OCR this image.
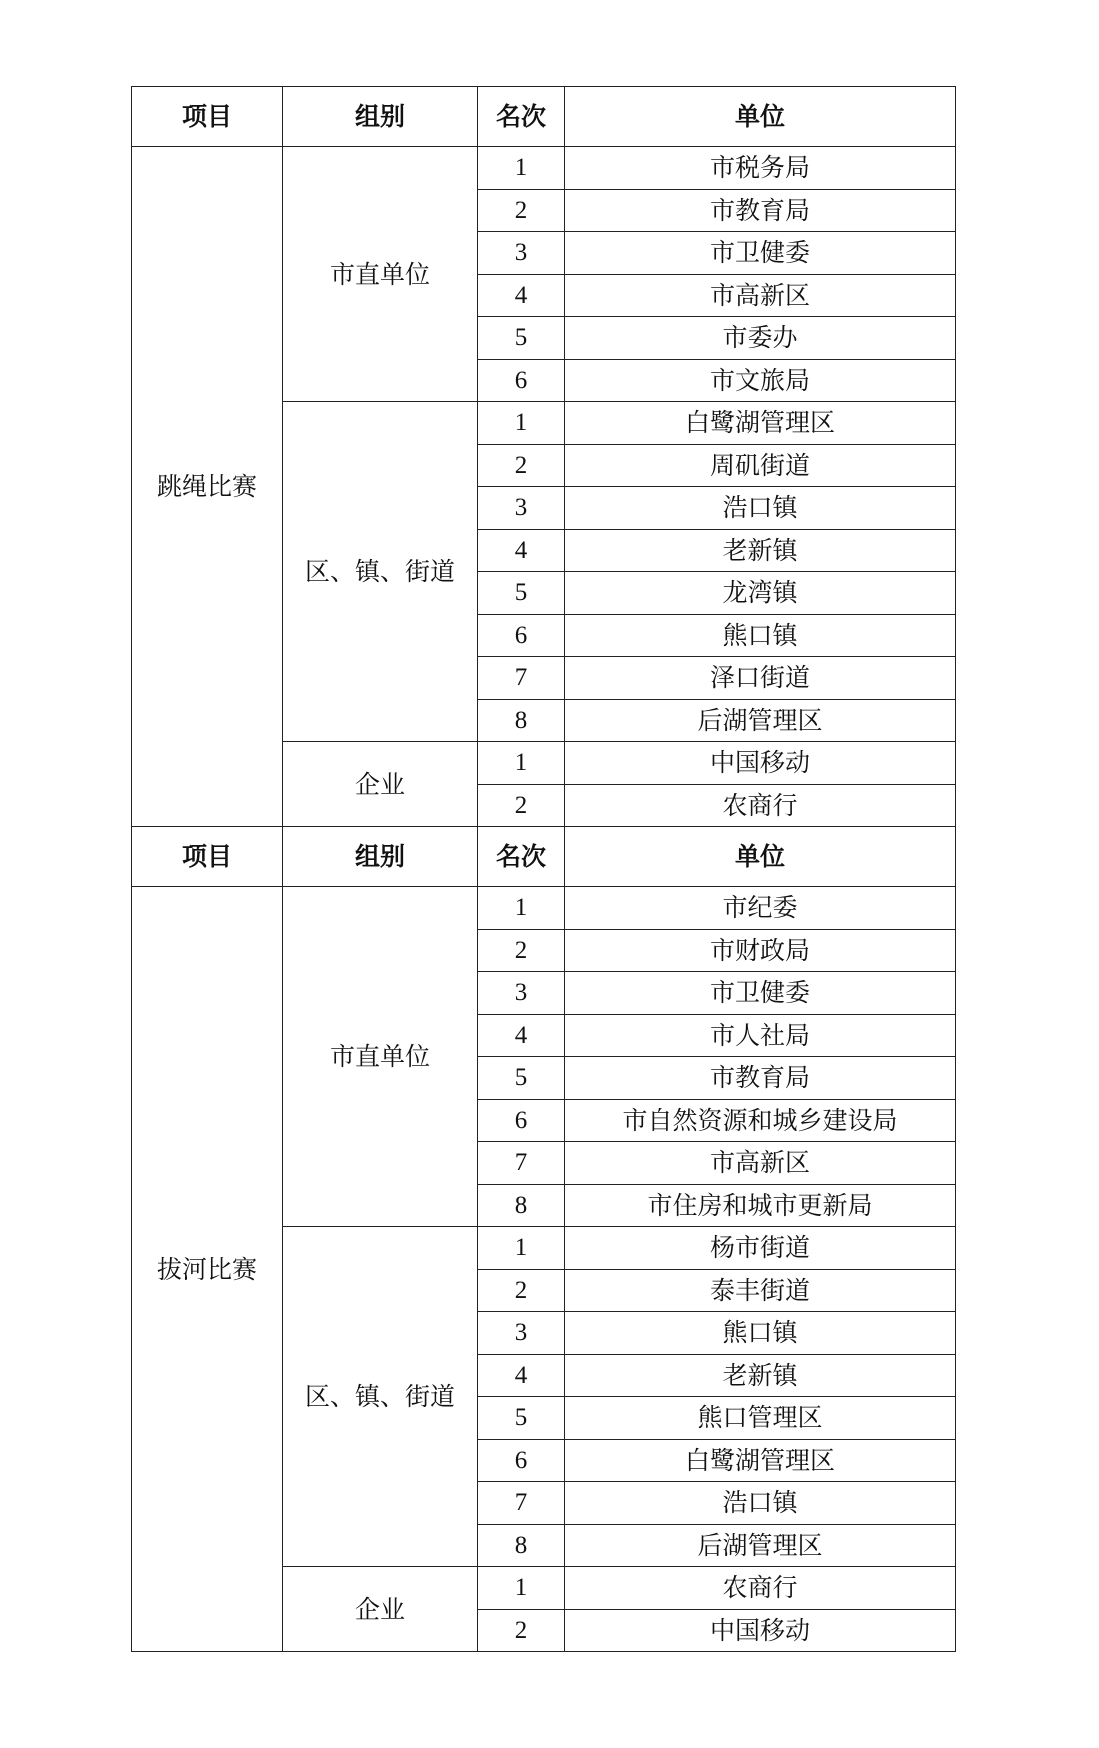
项目	组别	名次	单位
跳绳比赛	市直单位	1	市税务局
		2	市教育局
		3	市卫健委
		4	市高新区
		5	市委办
		6	市文旅局
	区、镇、街道	1	白鹭湖管理区
		2	周矶街道
		3	浩口镇
		4	老新镇
		5	龙湾镇
		6	熊口镇
		7	泽口街道
		8	后湖管理区
	企业	1	中国移动
		2	农商行
项目	组别	名次	单位
拔河比赛	市直单位	1	市纪委
		2	市财政局
		3	市卫健委
		4	市人社局
		5	市教育局
		6	市自然资源和城乡建设局
		7	市高新区
		8	市住房和城市更新局
	区、镇、街道	1	杨市街道
		2	泰丰街道
		3	熊口镇
		4	老新镇
		5	熊口管理区
		6	白鹭湖管理区
		7	浩口镇
		8	后湖管理区
	企业	1	农商行
		2	中国移动
